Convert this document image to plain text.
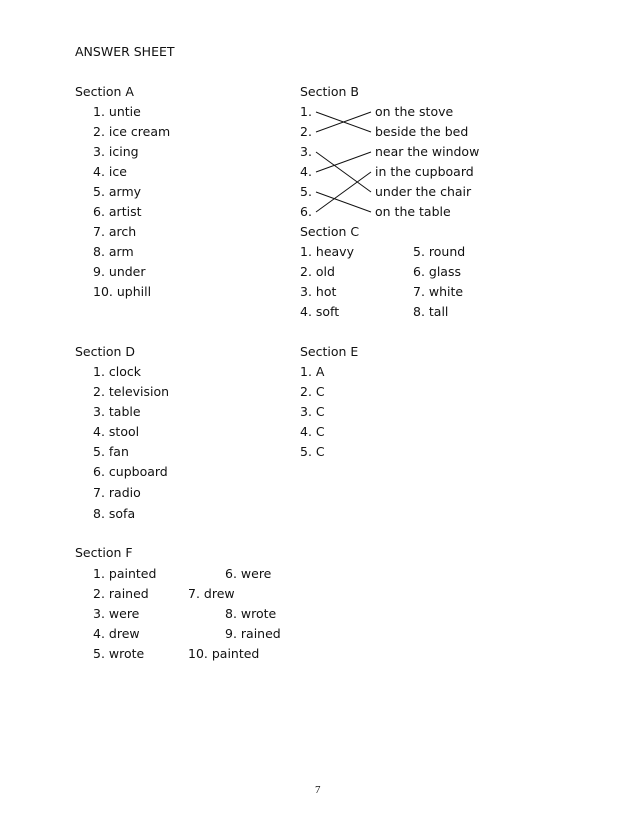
ANSWER SHEET
Section A
1. untie
2. ice cream
3. icing
4. ice
5. army
6. artist
7. arch
8. arm
9. under
10. uphill
Section B
1.
2.
3.
4.
5.
6.
on the stove
beside the bed
near the window
in the cupboard
under the chair
on the table
Section C
1. heavy
2. old
3. hot
4. soft
5. round
6. glass
7. white
8. tall
Section D
1. clock
2. television
3. table
4. stool
5. fan
6. cupboard
7. radio
8. sofa
Section E
1. A
2. C
3. C
4. C
5. C
Section F
1. painted
2. rained
3. were
4. drew
5. wrote
6. were
7. drew
8. wrote
9. rained
10. painted
7
